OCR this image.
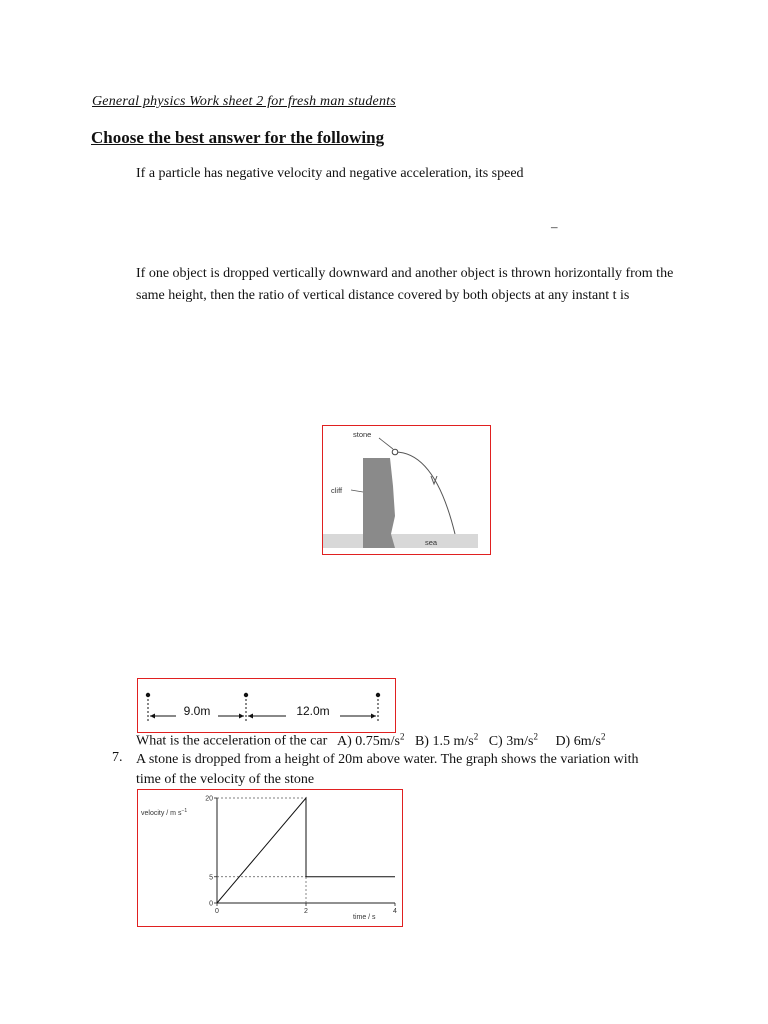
General physics Work sheet 2 for fresh man students
Choose the best answer for the following
If a particle has negative velocity and negative acceleration, its speed
–
If one object is dropped vertically downward and another object is thrown horizontally from the same height, then the ratio of vertical distance covered by both objects at any instant t is
stone
cliff
sea
9.0m	12.0m
What is the acceleration of the car A) $0.75m/s^2$ B) 1.5 $m/s^2$ C) $3m/s^2$ D) $6m/s^2$
7. A stone is dropped from a height of 20m above water. The graph shows the variation with time of the velocity of the stone
velocity / m $s^{-1}$
time / s
0
5
20
0	2	4
